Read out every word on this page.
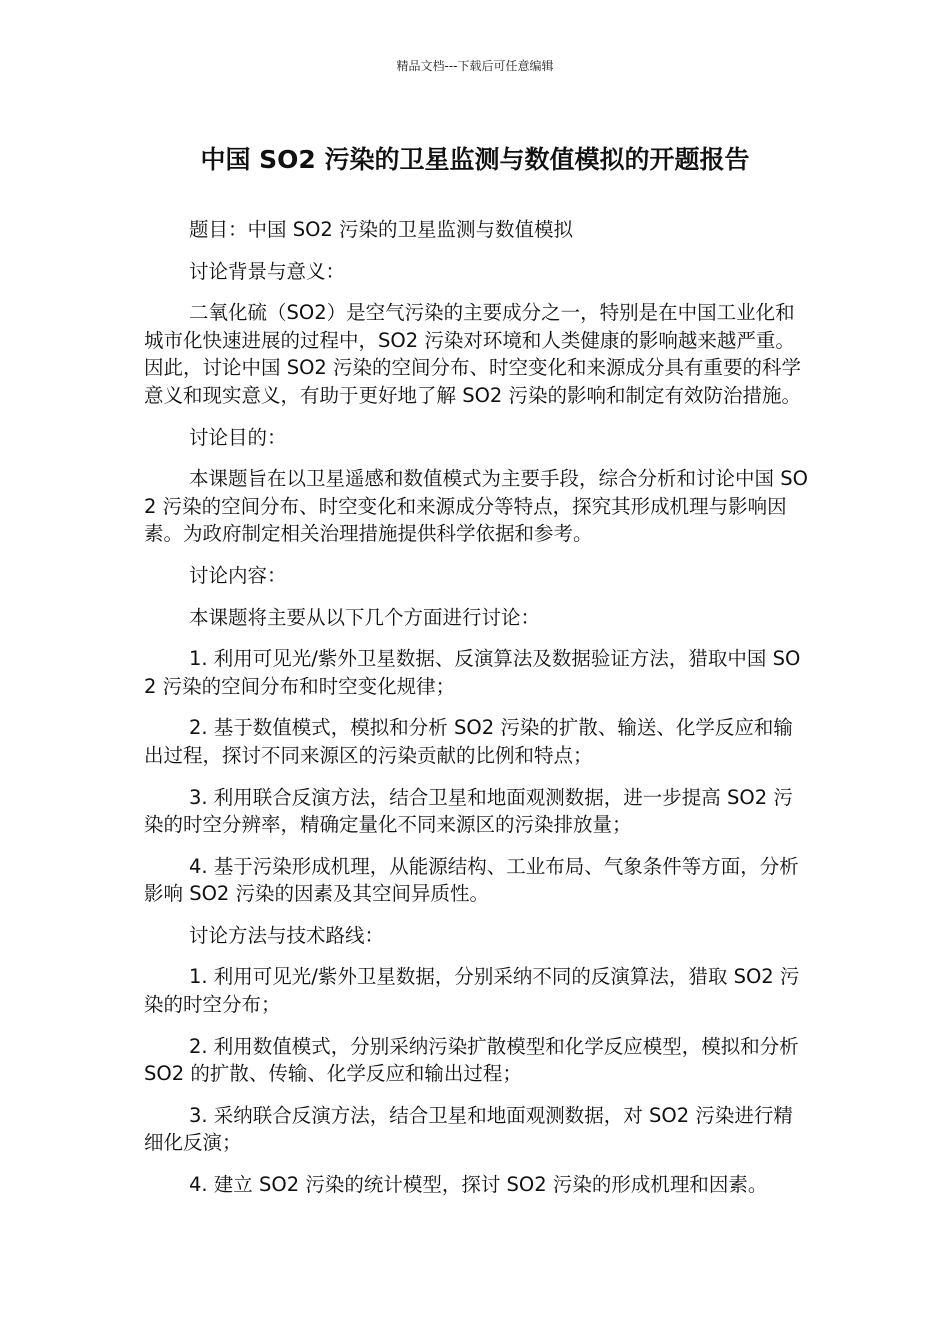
精品文档---下载后可任意编辑
中国 SO2 污染的卫星监测与数值模拟的开题报告

题目：中国 SO2 污染的卫星监测与数值模拟

讨论背景与意义：

二氧化硫（SO2）是空气污染的主要成分之一，特别是在中国工业化和城市化快速进展的过程中，SO2 污染对环境和人类健康的影响越来越严重。因此，讨论中国 SO2 污染的空间分布、时空变化和来源成分具有重要的科学意义和现实意义，有助于更好地了解 SO2 污染的影响和制定有效防治措施。

讨论目的：

本课题旨在以卫星遥感和数值模式为主要手段，综合分析和讨论中国 SO2 污染的空间分布、时空变化和来源成分等特点，探究其形成机理与影响因素。为政府制定相关治理措施提供科学依据和参考。

讨论内容：

本课题将主要从以下几个方面进行讨论：

1. 利用可见光/紫外卫星数据、反演算法及数据验证方法，猎取中国 SO2 污染的空间分布和时空变化规律；

2. 基于数值模式，模拟和分析 SO2 污染的扩散、输送、化学反应和输出过程，探讨不同来源区的污染贡献的比例和特点；

3. 利用联合反演方法，结合卫星和地面观测数据，进一步提高 SO2 污染的时空分辨率，精确定量化不同来源区的污染排放量；

4. 基于污染形成机理，从能源结构、工业布局、气象条件等方面，分析影响 SO2 污染的因素及其空间异质性。

讨论方法与技术路线：

1. 利用可见光/紫外卫星数据，分别采纳不同的反演算法，猎取 SO2 污染的时空分布；

2. 利用数值模式，分别采纳污染扩散模型和化学反应模型，模拟和分析 SO2 的扩散、传输、化学反应和输出过程；

3. 采纳联合反演方法，结合卫星和地面观测数据，对 SO2 污染进行精细化反演；

4. 建立 SO2 污染的统计模型，探讨 SO2 污染的形成机理和因素。
